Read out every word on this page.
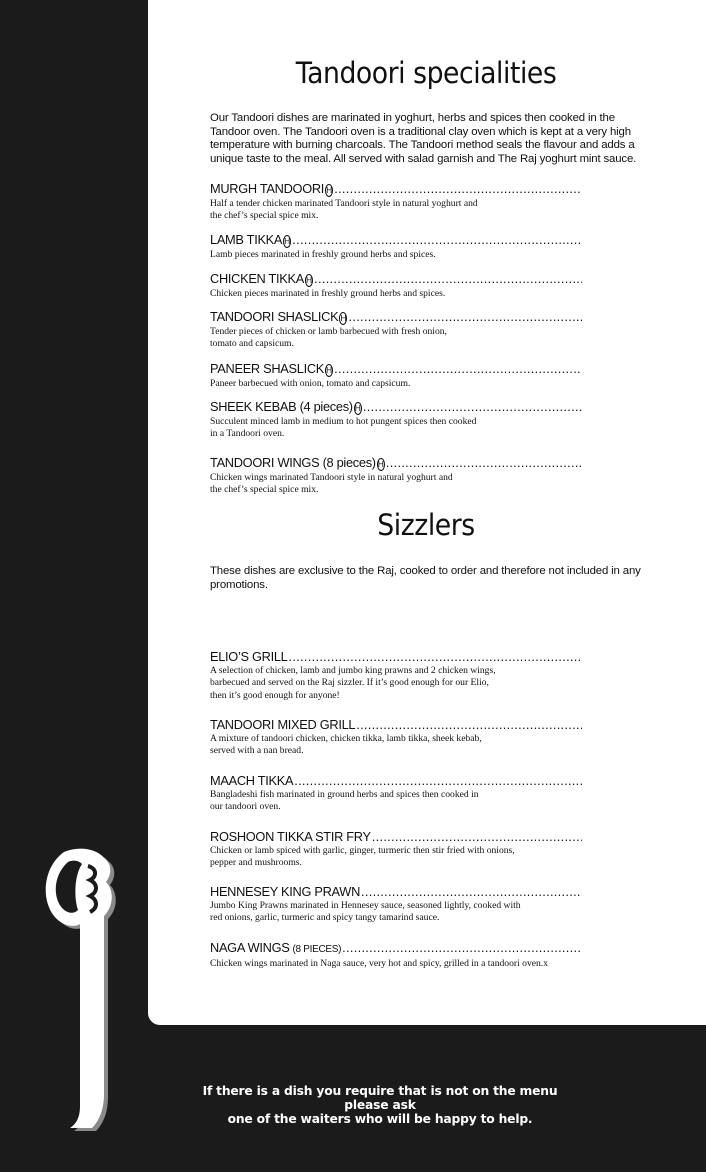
Tandoori specialities
Our Tandoori dishes are marinated in yoghurt, herbs and spices then cooked in the Tandoor oven. The Tandoori oven is a traditional clay oven which is kept at a very high temperature with burning charcoals. The Tandoori method seals the flavour and adds a unique taste to the meal. All served with salad garnish and The Raj yoghurt mint sauce.
MURGH TANDOORI H
.....
Half a tender chicken marinated Tandoori style in natural yoghurt and
the chef’s special spice mix.
LAMB TIKKA H
.....
Lamb pieces marinated in freshly ground herbs and spices.
CHICKEN TIKKA H
.....
Chicken pieces marinated in freshly ground herbs and spices.
TANDOORI SHASLICK H
.....
Tender pieces of chicken or lamb barbecued with fresh onion,
tomato and capsicum.
PANEER SHASLICK H
.....
Paneer barbecued with onion, tomato and capsicum.
SHEEK KEBAB (4 pieces) H
.....
Succulent minced lamb in medium to hot pungent spices then cooked
in a Tandoori oven.
TANDOORI WINGS (8 pieces) H
.....
Chicken wings marinated Tandoori style in natural yoghurt and
the chef’s special spice mix.
Sizzlers
These dishes are exclusive to the Raj, cooked to order and therefore not included in any promotions.
ELIO’S GRILL
.....
A selection of chicken, lamb and jumbo king prawns and 2 chicken wings,
barbecued and served on the Raj sizzler. If it’s good enough for our Elio,
then it’s good enough for anyone!
TANDOORI MIXED GRILL
.....
A mixture of tandoori chicken, chicken tikka, lamb tikka, sheek kebab,
served with a nan bread.
MAACH TIKKA
.....
Bangladeshi fish marinated in ground herbs and spices then cooked in
our tandoori oven.
ROSHOON TIKKA STIR FRY
.....
Chicken or lamb spiced with garlic, ginger, turmeric then stir fried with onions,
pepper and mushrooms.
HENNESEY KING PRAWN
.....
Jumbo King Prawns marinated in Hennesey sauce, seasoned lightly, cooked with
red onions, garlic, turmeric and spicy tangy tamarind sauce.
NAGA WINGS (8 PIECES)
.....
Chicken wings marinated in Naga sauce, very hot and spicy, grilled in a tandoori oven.x
If there is a dish you require that is not on the menu please ask
one of the waiters who will be happy to help.
